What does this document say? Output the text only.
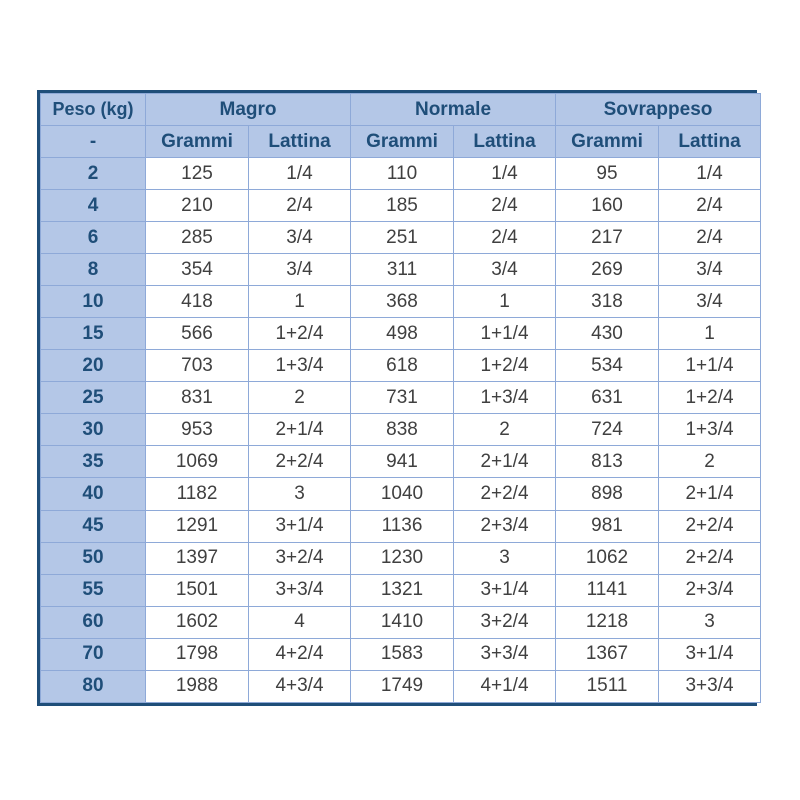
Peso (kg)	Magro		Normale		Sovrappeso	
-	Grammi	Lattina	Grammi	Lattina	Grammi	Lattina
2	125	1/4	110	1/4	95	1/4
4	210	2/4	185	2/4	160	2/4
6	285	3/4	251	2/4	217	2/4
8	354	3/4	311	3/4	269	3/4
10	418	1	368	1	318	3/4
15	566	1+2/4	498	1+1/4	430	1
20	703	1+3/4	618	1+2/4	534	1+1/4
25	831	2	731	1+3/4	631	1+2/4
30	953	2+1/4	838	2	724	1+3/4
35	1069	2+2/4	941	2+1/4	813	2
40	1182	3	1040	2+2/4	898	2+1/4
45	1291	3+1/4	1136	2+3/4	981	2+2/4
50	1397	3+2/4	1230	3	1062	2+2/4
55	1501	3+3/4	1321	3+1/4	1141	2+3/4
60	1602	4	1410	3+2/4	1218	3
70	1798	4+2/4	1583	3+3/4	1367	3+1/4
80	1988	4+3/4	1749	4+1/4	1511	3+3/4
